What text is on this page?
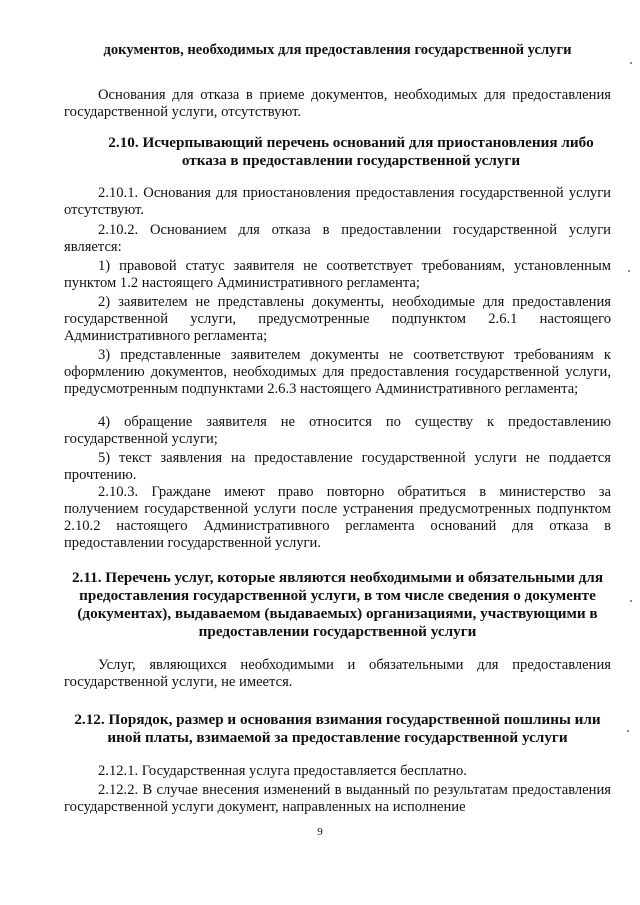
документов, необходимых для предоставления государственной услуги

Основания для отказа в приеме документов, необходимых для предоставления государственной услуги, отсутствуют.

2.10. Исчерпывающий перечень оснований для приостановления либо отказа в предоставлении государственной услуги

2.10.1. Основания для приостановления предоставления государственной услуги отсутствуют.

2.10.2. Основанием для отказа в предоставлении государственной услуги является:

1) правовой статус заявителя не соответствует требованиям, установленным пунктом 1.2 настоящего Административного регламента;

2) заявителем не представлены документы, необходимые для предоставления государственной услуги, предусмотренные подпунктом 2.6.1 настоящего Административного регламента;

3) представленные заявителем документы не соответствуют требованиям к оформлению документов, необходимых для предоставления государственной услуги, предусмотренным подпунктами 2.6.3 настоящего Административного регламента;

4) обращение заявителя не относится по существу к предоставлению государственной услуги;

5) текст заявления на предоставление государственной услуги не поддается прочтению.

2.10.3. Граждане имеют право повторно обратиться в министерство за получением государственной услуги после устранения предусмотренных подпунктом 2.10.2 настоящего Административного регламента оснований для отказа в предоставлении государственной услуги.

2.11. Перечень услуг, которые являются необходимыми и обязательными для предоставления государственной услуги, в том числе сведения о документе (документах), выдаваемом (выдаваемых) организациями, участвующими в предоставлении государственной услуги

Услуг, являющихся необходимыми и обязательными для предоставления государственной услуги, не имеется.

2.12. Порядок, размер и основания взимания государственной пошлины или иной платы, взимаемой за предоставление государственной услуги

2.12.1. Государственная услуга предоставляется бесплатно.

2.12.2. В случае внесения изменений в выданный по результатам предоставления государственной услуги документ, направленных на исполнение

9
